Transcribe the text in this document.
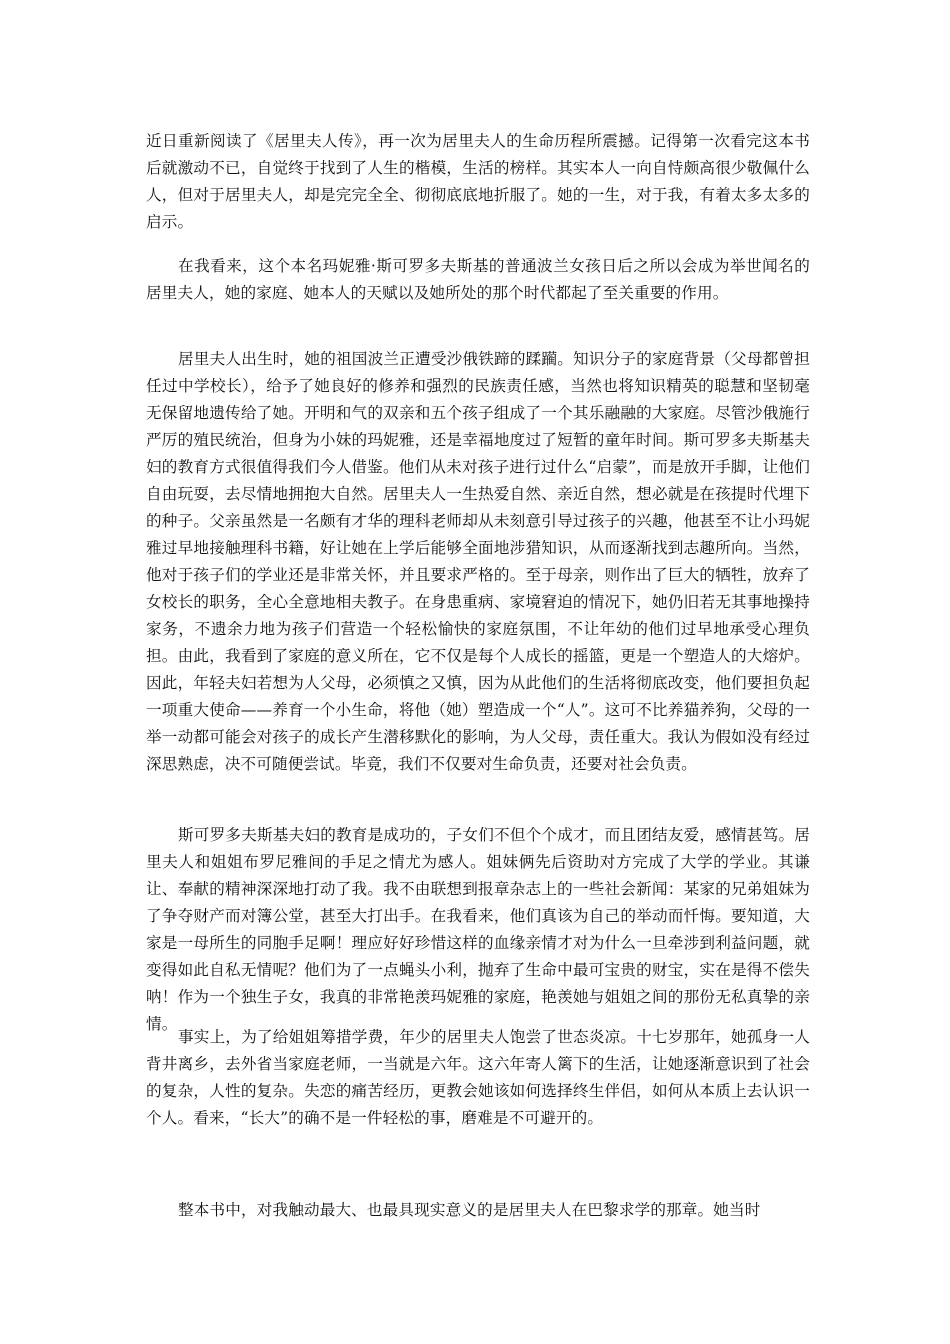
近日重新阅读了《居里夫人传》，再一次为居里夫人的生命历程所震撼。记得第一次看完这本书后就激动不已，自觉终于找到了人生的楷模，生活的榜样。其实本人一向自恃颇高很少敬佩什么人，但对于居里夫人，却是完完全全、彻彻底底地折服了。她的一生，对于我，有着太多太多的启示。

在我看来，这个本名玛妮雅·斯可罗多夫斯基的普通波兰女孩日后之所以会成为举世闻名的居里夫人，她的家庭、她本人的天赋以及她所处的那个时代都起了至关重要的作用。

居里夫人出生时，她的祖国波兰正遭受沙俄铁蹄的蹂躏。知识分子的家庭背景（父母都曾担任过中学校长），给予了她良好的修养和强烈的民族责任感，当然也将知识精英的聪慧和坚韧毫无保留地遗传给了她。开明和气的双亲和五个孩子组成了一个其乐融融的大家庭。尽管沙俄施行严厉的殖民统治，但身为小妹的玛妮雅，还是幸福地度过了短暂的童年时间。斯可罗多夫斯基夫妇的教育方式很值得我们今人借鉴。他们从未对孩子进行过什么“启蒙”，而是放开手脚，让他们自由玩耍，去尽情地拥抱大自然。居里夫人一生热爱自然、亲近自然，想必就是在孩提时代埋下的种子。父亲虽然是一名颇有才华的理科老师却从未刻意引导过孩子的兴趣，他甚至不让小玛妮雅过早地接触理科书籍，好让她在上学后能够全面地涉猎知识，从而逐渐找到志趣所向。当然，他对于孩子们的学业还是非常关怀，并且要求严格的。至于母亲，则作出了巨大的牺牲，放弃了女校长的职务，全心全意地相夫教子。在身患重病、家境窘迫的情况下，她仍旧若无其事地操持家务，不遗余力地为孩子们营造一个轻松愉快的家庭氛围，不让年幼的他们过早地承受心理负担。由此，我看到了家庭的意义所在，它不仅是每个人成长的摇篮，更是一个塑造人的大熔炉。因此，年轻夫妇若想为人父母，必须慎之又慎，因为从此他们的生活将彻底改变，他们要担负起一项重大使命——养育一个小生命，将他（她）塑造成一个“人”。这可不比养猫养狗，父母的一举一动都可能会对孩子的成长产生潜移默化的影响，为人父母，责任重大。我认为假如没有经过深思熟虑，决不可随便尝试。毕竟，我们不仅要对生命负责，还要对社会负责。

斯可罗多夫斯基夫妇的教育是成功的，子女们不但个个成才，而且团结友爱，感情甚笃。居里夫人和姐姐布罗尼雅间的手足之情尤为感人。姐妹俩先后资助对方完成了大学的学业。其谦让、奉献的精神深深地打动了我。我不由联想到报章杂志上的一些社会新闻：某家的兄弟姐妹为了争夺财产而对簿公堂，甚至大打出手。在我看来，他们真该为自己的举动而忏悔。要知道，大家是一母所生的同胞手足啊！理应好好珍惜这样的血缘亲情才对为什么一旦牵涉到利益问题，就变得如此自私无情呢？他们为了一点蝇头小利，抛弃了生命中最可宝贵的财宝，实在是得不偿失呐！作为一个独生子女，我真的非常艳羡玛妮雅的家庭，艳羡她与姐姐之间的那份无私真挚的亲情。

事实上，为了给姐姐筹措学费，年少的居里夫人饱尝了世态炎凉。十七岁那年，她孤身一人背井离乡，去外省当家庭老师，一当就是六年。这六年寄人篱下的生活，让她逐渐意识到了社会的复杂，人性的复杂。失恋的痛苦经历，更教会她该如何选择终生伴侣，如何从本质上去认识一个人。看来，“长大”的确不是一件轻松的事，磨难是不可避开的。

整本书中，对我触动最大、也最具现实意义的是居里夫人在巴黎求学的那章。她当时
